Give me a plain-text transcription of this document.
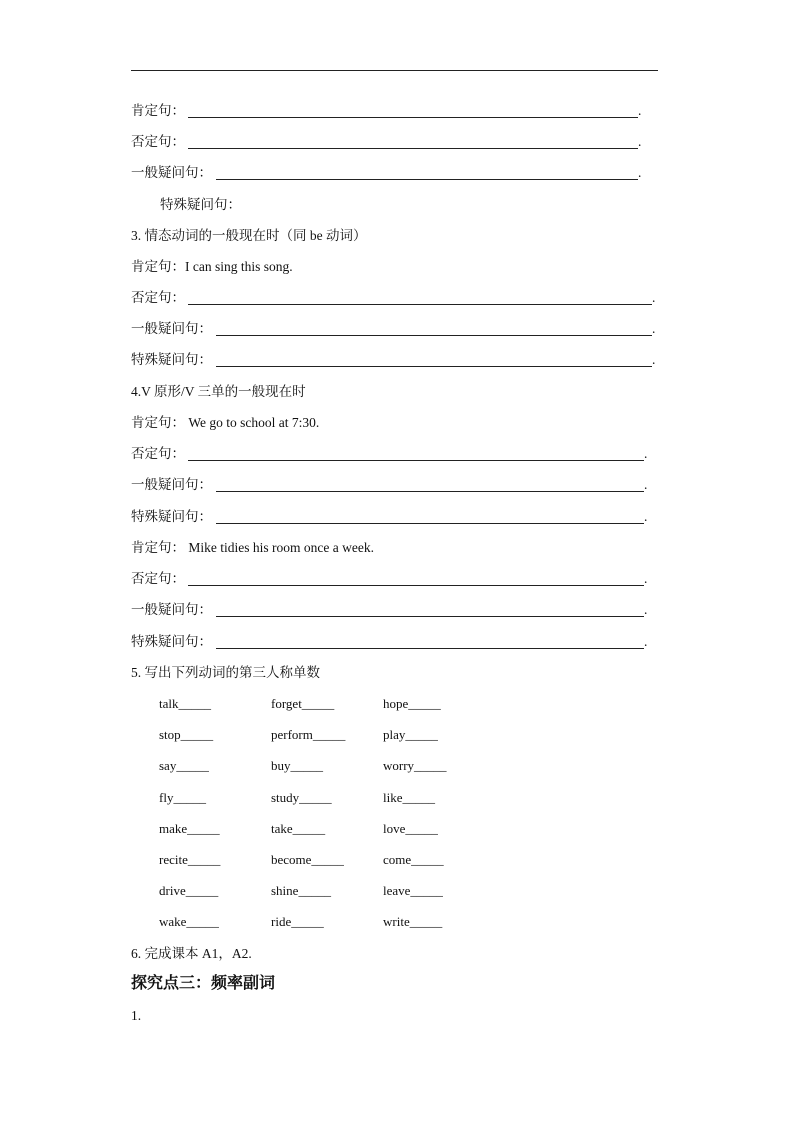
肯定句：	.
否定句：	.
一般疑问句：	.
特殊疑问句：
3. 情态动词的一般现在时（同 be 动词）
肯定句：I can sing this song.
否定句：	.
一般疑问句：	.
特殊疑问句：	.
4.V 原形/V 三单的一般现在时
肯定句： We go to school at 7:30.
否定句：	.
一般疑问句：	.
特殊疑问句：	.
肯定句： Mike tidies his room once a week.
否定句：	.
一般疑问句：	.
特殊疑问句：	.
5. 写出下列动词的第三人称单数
talk_____	forget_____	hope_____
stop_____	perform_____	play_____
say_____	buy_____	worry_____
fly_____	study_____	like_____
make_____	take_____	love_____
recite_____	become_____	come_____
drive_____	shine_____	leave_____
wake_____	ride_____	write_____
6. 完成课本 A1，A2.
探究点三：频率副词
1.
